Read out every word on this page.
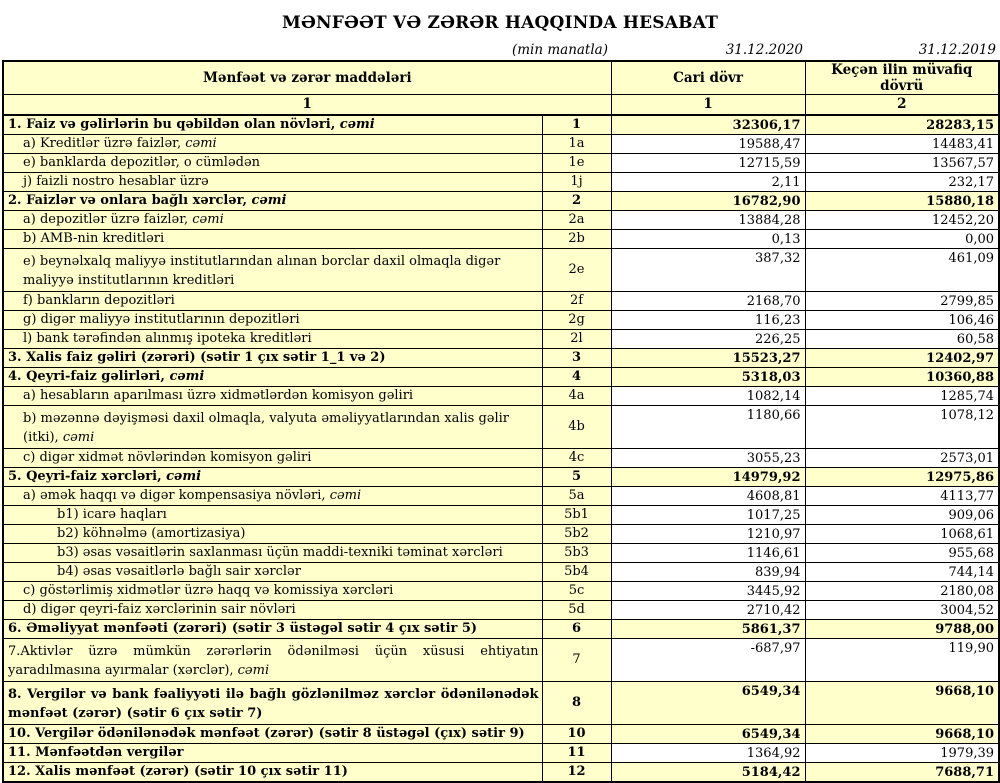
MƏNFƏƏT VƏ ZƏRƏR HAQQINDA HESABAT
(min manatla)	31.12.2020	31.12.2019
Mənfəət və zərər maddələri		Cari dövr	Keçən ilin müvafiq dövrü
1		1	2
1. Faiz və gəlirlərin bu qəbildən olan növləri, cəmi	1	32306,17	28283,15
a) Kreditlər üzrə faizlər, cəmi	1a	19588,47	14483,41
e) banklarda depozitlər, o cümlədən	1e	12715,59	13567,57
j) faizli nostro hesablar üzrə	1j	2,11	232,17
2. Faizlər və onlara bağlı xərclər, cəmi	2	16782,90	15880,18
a) depozitlər üzrə faizlər, cəmi	2a	13884,28	12452,20
b) AMB-nin kreditləri	2b	0,13	0,00
e) beynəlxalq maliyyə institutlarından alınan borclar daxil olmaqla digər maliyyə institutlarının kreditləri	2e	387,32	461,09
f) bankların depozitləri	2f	2168,70	2799,85
g) digər maliyyə institutlarının depozitləri	2g	116,23	106,46
l) bank tərəfindən alınmış ipoteka kreditləri	2l	226,25	60,58
3. Xalis faiz gəliri (zərəri) (sətir 1 çıx sətir 1_1 və 2)	3	15523,27	12402,97
4. Qeyri-faiz gəlirləri, cəmi	4	5318,03	10360,88
a) hesabların aparılması üzrə xidmətlərdən komisyon gəliri	4a	1082,14	1285,74
b) məzənnə dəyişməsi daxil olmaqla, valyuta əməliyyatlarından xalis gəlir (itki), cəmi	4b	1180,66	1078,12
c) digər xidmət növlərindən komisyon gəliri	4c	3055,23	2573,01
5. Qeyri-faiz xərcləri, cəmi	5	14979,92	12975,86
a) əmək haqqı və digər kompensasiya növləri, cəmi	5a	4608,81	4113,77
b1) icarə haqları	5b1	1017,25	909,06
b2) köhnəlmə (amortizasiya)	5b2	1210,97	1068,61
b3) əsas vəsaitlərin saxlanması üçün maddi-texniki təminat xərcləri	5b3	1146,61	955,68
b4) əsas vəsaitlərlə bağlı sair xərclər	5b4	839,94	744,14
c) göstərlimiş xidmətlər üzrə haqq və komissiya xərcləri	5c	3445,92	2180,08
d) digər qeyri-faiz xərclərinin sair növləri	5d	2710,42	3004,52
6. Əməliyyat mənfəəti (zərəri) (sətir 3 üstəgəl sətir 4 çıx sətir 5)	6	5861,37	9788,00
7.Aktivlər üzrə mümkün zərərlərin ödənilməsi üçün xüsusi ehtiyatın yaradılmasına ayırmalar (xərclər), cəmi	7	-687,97	119,90
8. Vergilər və bank fəaliyyəti ilə bağlı gözlənilməz xərclər ödənilənədək mənfəət (zərər) (sətir 6 çıx sətir 7)	8	6549,34	9668,10
10. Vergilər ödənilənədək mənfəət (zərər) (sətir 8 üstəgəl (çıx) sətir 9)	10	6549,34	9668,10
11. Mənfəətdən vergilər	11	1364,92	1979,39
12. Xalis mənfəət (zərər) (sətir 10 çıx sətir 11)	12	5184,42	7688,71
